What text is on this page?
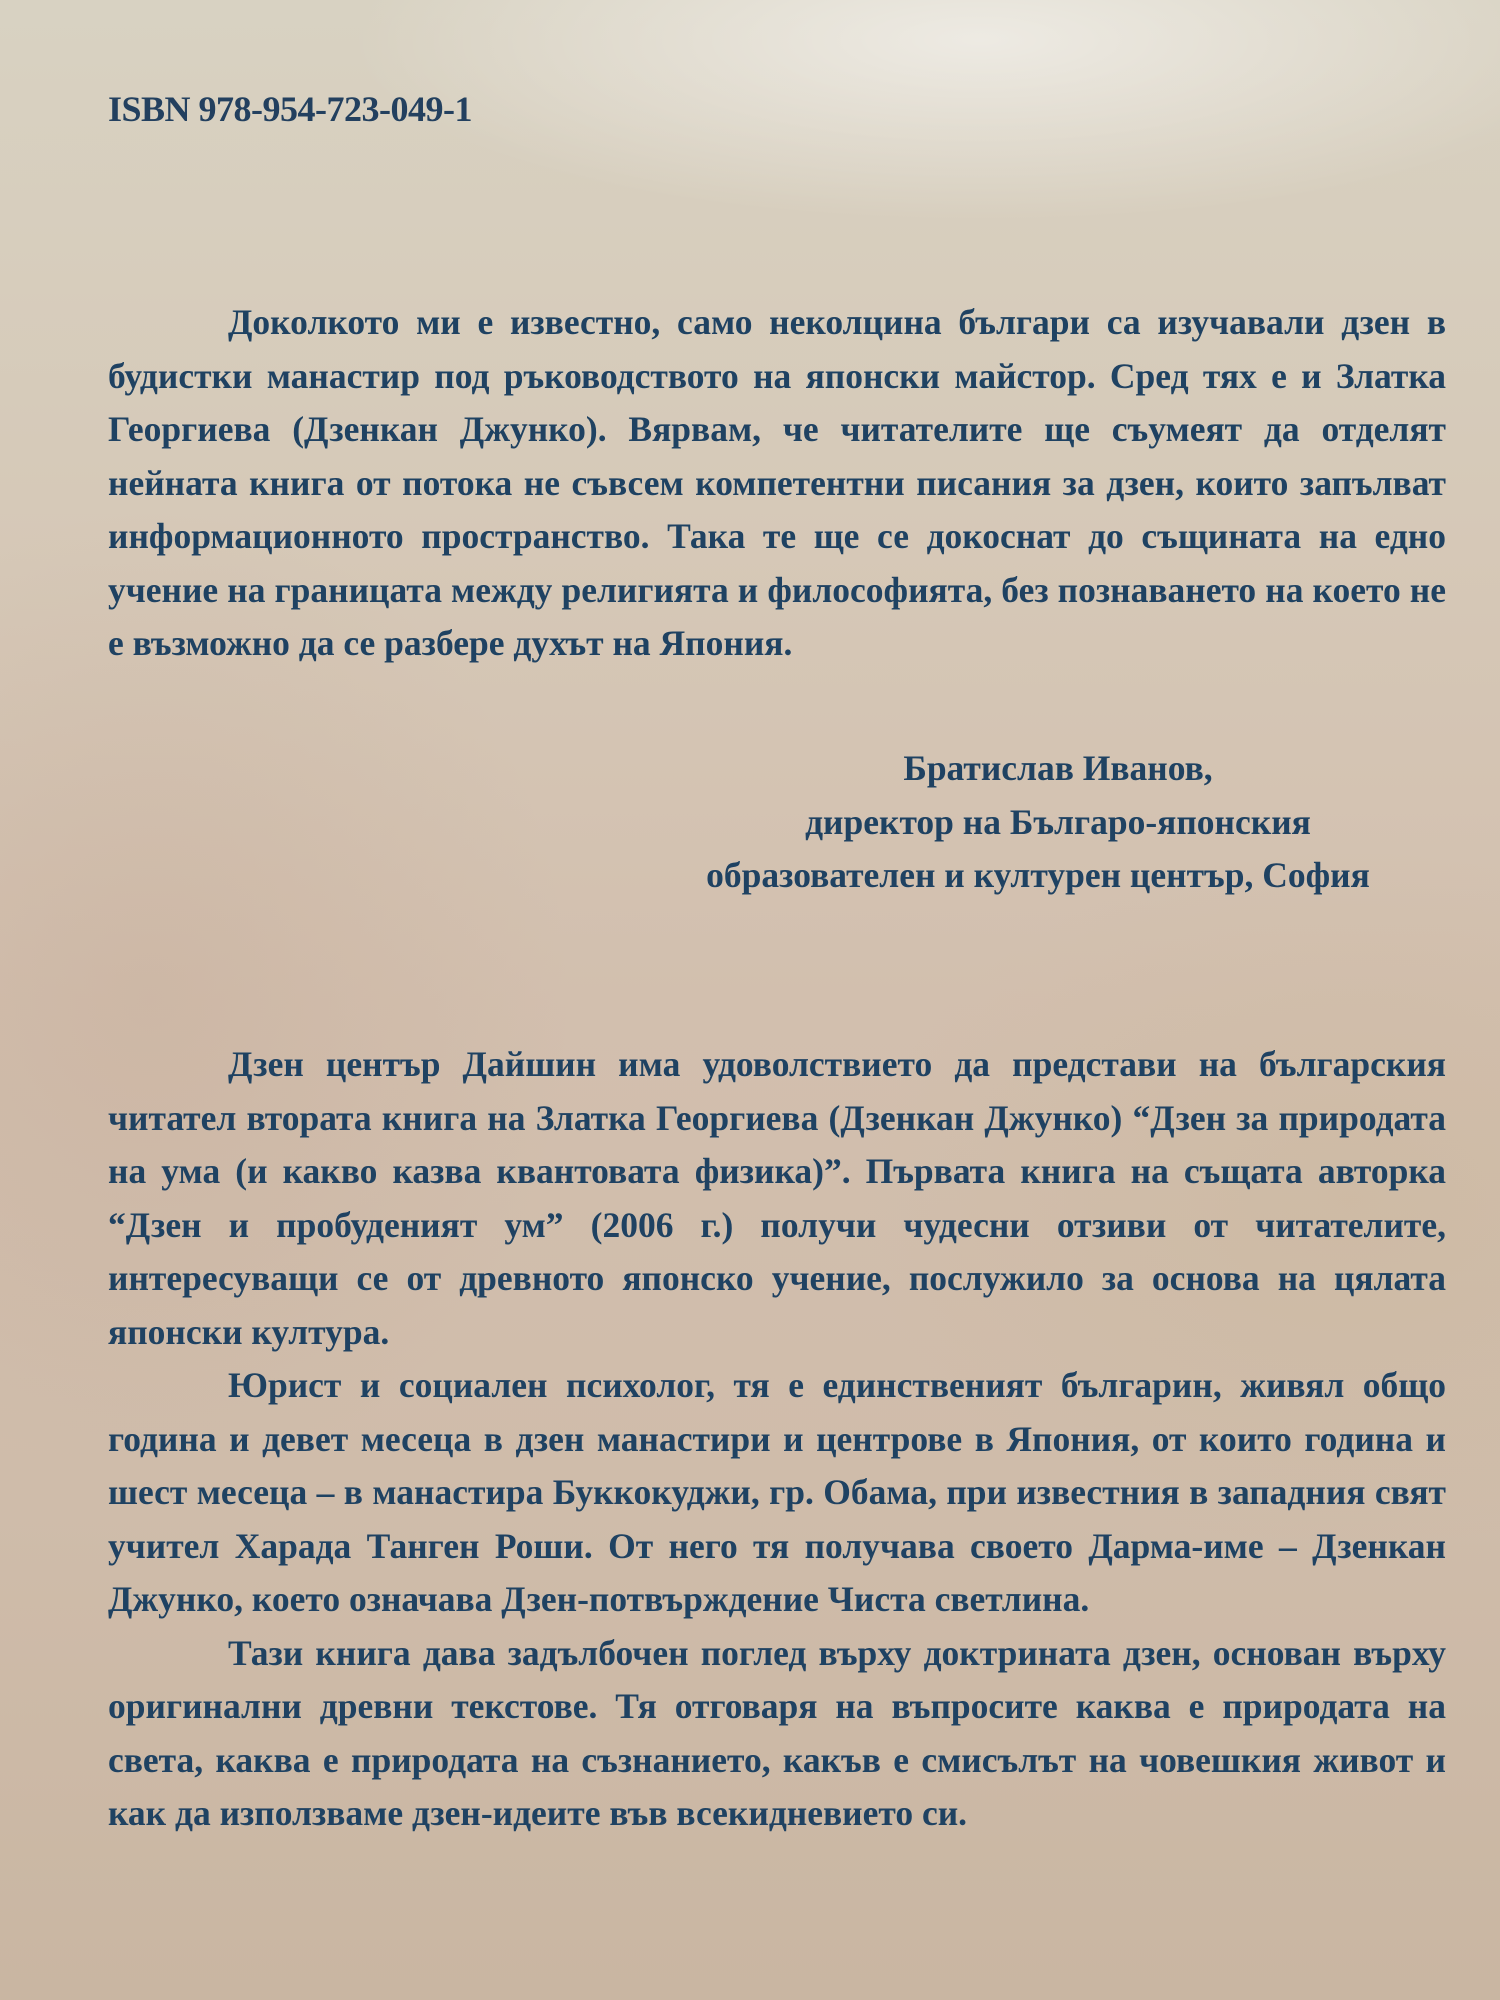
ISBN 978-954-723-049-1

Доколкото ми е известно, само неколцина българи са изучавали дзен в будистки манастир под ръководството на японски майстор. Сред тях е и Златка Георгиева (Дзенкан Джунко). Вярвам, че читателите ще съумеят да отделят нейната книга от потока не съвсем компетентни писания за дзен, които запълват информационното пространство. Така те ще се докоснат до същината на едно учение на границата между религията и философията, без познаването на което не е възможно да се разбере духът на Япония.

Братислав Иванов,
директор на Българо-японския
образователен и културен център, София

Дзен център Дайшин има удоволствието да представи на българския читател втората книга на Златка Георгиева (Дзенкан Джунко) “Дзен за природата на ума (и какво казва квантовата физика)”. Първата книга на същата авторка “Дзен и пробуденият ум” (2006 г.) получи чудесни отзиви от читателите, интересуващи се от древното японско учение, послужило за основа на цялата японски култура.

Юрист и социален психолог, тя е единственият българин, живял общо година и девет месеца в дзен манастири и центрове в Япония, от които година и шест месеца – в манастира Буккокуджи, гр. Обама, при известния в западния свят учител Харада Танген Роши. От него тя получава своето Дарма-име – Дзенкан Джунко, което означава Дзен-потвърждение Чиста светлина.

Тази книга дава задълбочен поглед върху доктрината дзен, основан върху оригинални древни текстове. Тя отговаря на въпросите каква е природата на света, каква е природата на съзнанието, какъв е смисълът на човешкия живот и как да използваме дзен-идеите във всекидневието си.
